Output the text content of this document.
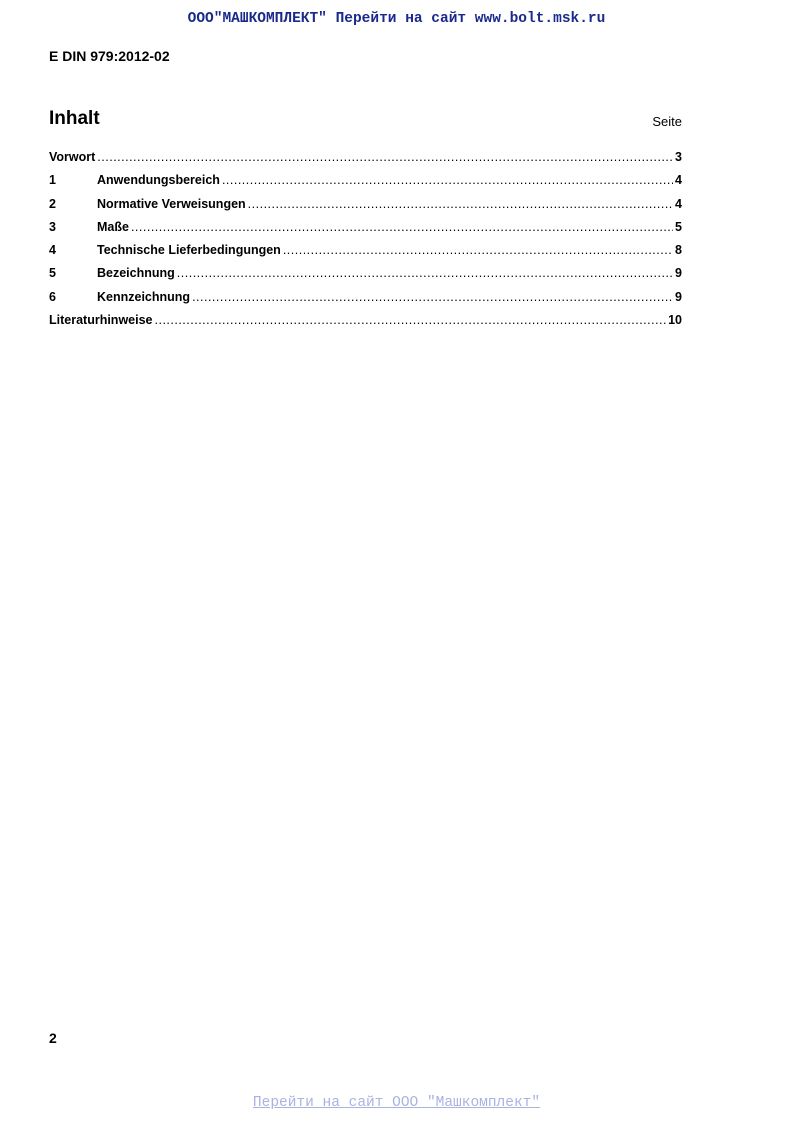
ООО"МАШКОМПЛЕКТ" Перейти на сайт www.bolt.msk.ru
E DIN 979:2012-02
Inhalt	Seite
Vorwort .....	3
1	Anwendungsbereich .....	4
2	Normative Verweisungen .....	4
3	Maße .....	5
4	Technische Lieferbedingungen .....	8
5	Bezeichnung .....	9
6	Kennzeichnung .....	9
Literaturhinweise .....	10
2
Перейти на сайт ООО "Машкомплект"
